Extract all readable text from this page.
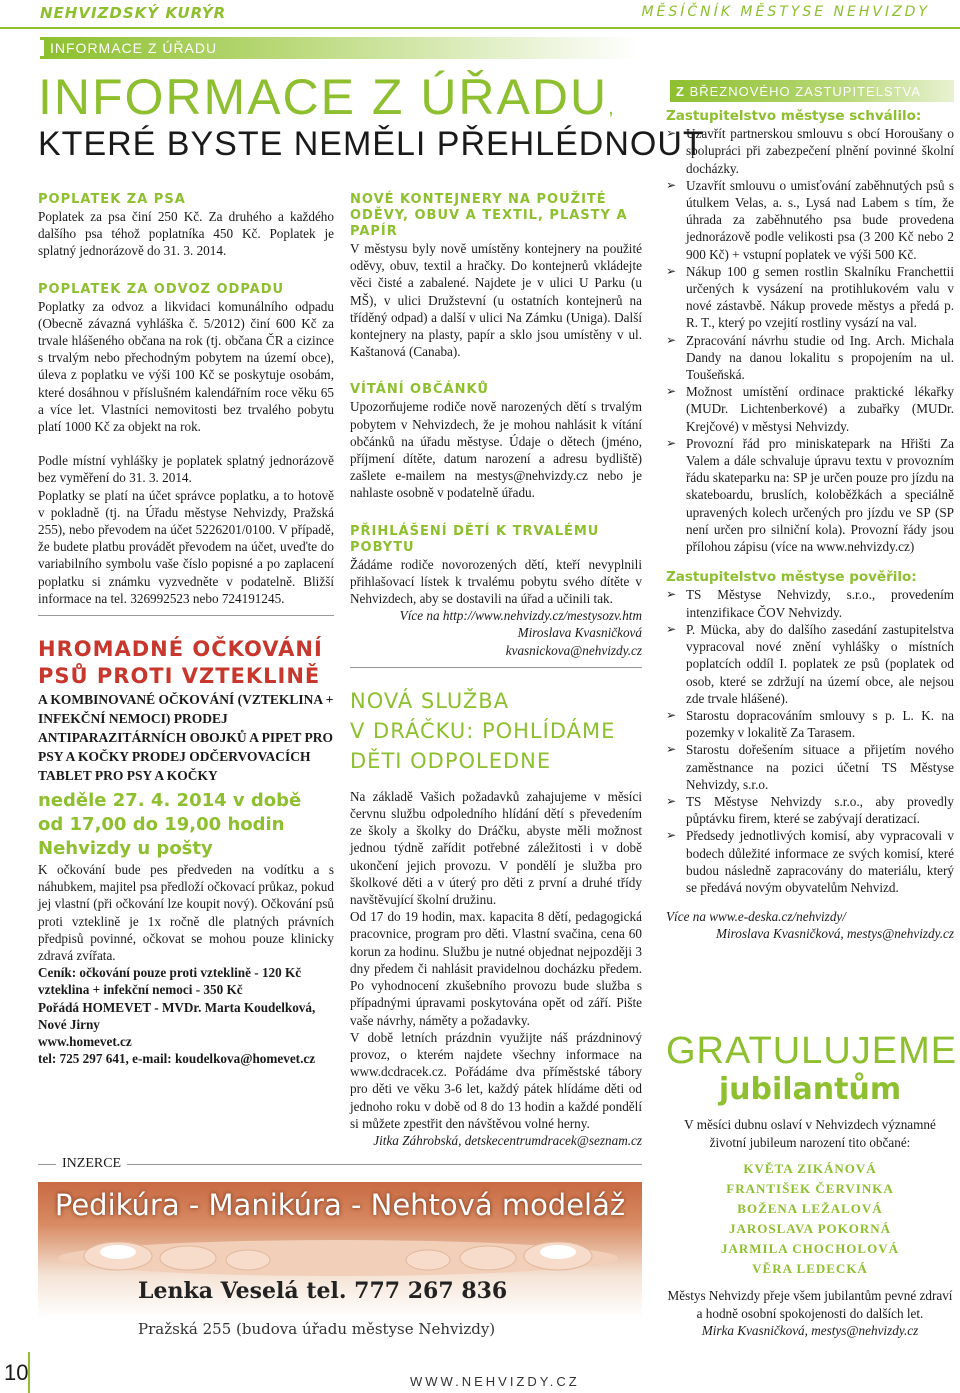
NEHVIZDSKÝ KURÝR	MĚSÍČNÍK MĚSTYSE NEHVIZDY
INFORMACE Z ÚŘADU
INFORMACE Z ÚŘADU,
KTERÉ BYSTE NEMĚLI PŘEHLÉDNOUT
POPLATEK ZA PSA

Poplatek za psa činí 250 Kč. Za druhého a každého dalšího psa téhož poplatníka 450 Kč. Poplatek je splatný jednorázově do 31. 3. 2014.

POPLATEK ZA ODVOZ ODPADU

Poplatky za odvoz a likvidaci komunálního odpadu (Obecně závazná vyhláška č. 5/2012) činí 600 Kč za trvale hlášeného občana na rok (tj. občana ČR a cizince s trvalým nebo přechodným pobytem na území obce), úleva z poplatku ve výši 100 Kč se poskytuje osobám, které dosáhnou v příslušném kalendářním roce věku 65 a více let. Vlastníci nemovitosti bez trvalého pobytu platí 1000 Kč za objekt na rok.

Podle místní vyhlášky je poplatek splatný jednorázově bez vyměření do 31. 3. 2014.

Poplatky se platí na účet správce poplatku, a to hotově v pokladně (tj. na Úřadu městyse Nehvizdy, Pražská 255), nebo převodem na účet 5226201/0100. V případě, že budete platbu provádět převodem na účet, uveďte do variabilního symbolu vaše číslo popisné a po zaplacení poplatku si známku vyzvedněte v podatelně. Bližší informace na tel. 326992523 nebo 724191245.

HROMADNÉ OČKOVÁNÍ
PSŮ PROTI VZTEKLINĚ
A KOMBINOVANÉ OČKOVÁNÍ (VZTEKLINA + INFEKČNÍ NEMOCI) PRODEJ ANTIPARAZITÁRNÍCH OBOJKŮ A PIPET PRO PSY A KOČKY PRODEJ ODČERVOVACÍCH TABLET PRO PSY A KOČKY
neděle 27. 4. 2014 v době
od 17,00 do 19,00 hodin
Nehvizdy u pošty

K očkování bude pes předveden na vodítku a s náhubkem, majitel psa předloží očkovací průkaz, pokud jej vlastní (při očkování lze koupit nový). Očkování psů proti vzteklině je 1x ročně dle platných právních předpisů povinné, očkovat se mohou pouze klinicky zdravá zvířata.

Ceník: očkování pouze proti vzteklině - 120 Kč
vzteklina + infekční nemoci - 350 Kč
Pořádá HOMEVET - MVDr. Marta Koudelková, Nové Jirny
www.homevet.cz
tel: 725 297 641, e-mail: koudelkova@homevet.cz
NOVÉ KONTEJNERY NA POUŽITÉ ODĚVY, OBUV A TEXTIL, PLASTY A PAPÍR

V městysu byly nově umístěny kontejnery na použité oděvy, obuv, textil a hračky. Do kontejnerů vkládejte věci čisté a zabalené. Najdete je v ulici U Parku (u MŠ), v ulici Družstevní (u ostatních kontejnerů na tříděný odpad) a další v ulici Na Zámku (Uniga). Další kontejnery na plasty, papír a sklo jsou umístěny v ul. Kaštanová (Canaba).

VÍTÁNÍ OBČÁNKŮ

Upozorňujeme rodiče nově narozených dětí s trvalým pobytem v Nehvizdech, že je mohou nahlásit k vítání občánků na úřadu městyse. Údaje o dětech (jméno, příjmení dítěte, datum narození a adresu bydliště) zašlete e-mailem na mestys@nehvizdy.cz nebo je nahlaste osobně v podatelně úřadu.

PŘIHLÁŠENÍ DĚTÍ K TRVALÉMU POBYTU

Žádáme rodiče novorozených dětí, kteří nevyplnili přihlašovací lístek k trvalému pobytu svého dítěte v Nehvizdech, aby se dostavili na úřad a učinili tak.

Více na http://www.nehvizdy.cz/mestysozv.htm
Miroslava Kvasničková
kvasnickova@nehvizdy.cz
NOVÁ SLUŽBA
V DRÁČKU: POHLÍDÁME
DĚTI ODPOLEDNE

Na základě Vašich požadavků zahajujeme v měsíci červnu službu odpoledního hlídání dětí s převedením ze školy a školky do Dráčku, abyste měli možnost jednou týdně zařídit potřebné záležitosti i v době ukončení jejich provozu. V pondělí je služba pro školkové děti a v úterý pro děti z první a druhé třídy navštěvující školní družinu.

Od 17 do 19 hodin, max. kapacita 8 dětí, pedagogická pracovnice, program pro děti. Vlastní svačina, cena 60 korun za hodinu. Službu je nutné objednat nejpozději 3 dny předem či nahlásit pravidelnou docházku předem. Po vyhodnocení zkušebního provozu bude služba s případnými úpravami poskytována opět od září. Pište vaše návrhy, náměty a požadavky.

V době letních prázdnin využijte náš prázdninový provoz, o kterém najdete všechny informace na www.dcdracek.cz. Pořádáme dva příměstské tábory pro děti ve věku 3-6 let, každý pátek hlídáme děti od jednoho roku v době od 8 do 13 hodin a každé pondělí si můžete zpestřit den návštěvou volné herny.

Jitka Záhrobská, detskecentrumdracek@seznam.cz
Z BŘEZNOVÉHO ZASTUPITELSTVA
Zastupitelstvo městyse schválilo:
➢ Uzavřít partnerskou smlouvu s obcí Horoušany o spolupráci při zabezpečení plnění povinné školní docházky.
➢ Uzavřít smlouvu o umisťování zaběhnutých psů s útulkem Velas, a. s., Lysá nad Labem s tím, že úhrada za zaběhnutého psa bude provedena jednorázově podle velikosti psa (3 200 Kč nebo 2 900 Kč) + vstupní poplatek ve výši 500 Kč.
➢ Nákup 100 g semen rostlin Skalníku Franchettii určených k vysázení na protihlukovém valu v nové zástavbě. Nákup provede městys a předá p. R. T., který po vzejití rostliny vysází na val.
➢ Zpracování návrhu studie od Ing. Arch. Michala Dandy na danou lokalitu s propojením na ul. Toušeňská.
➢ Možnost umístění ordinace praktické lékařky (MUDr. Lichtenberkové) a zubařky (MUDr. Krejčové) v městysi Nehvizdy.
➢ Provozní řád pro miniskatepark na Hřišti Za Valem a dále schvaluje úpravu textu v provozním řádu skateparku na: SP je určen pouze pro jízdu na skateboardu, bruslích, koloběžkách a speciálně upravených kolech určených pro jízdu ve SP (SP není určen pro silniční kola). Provozní řády jsou přílohou zápisu (více na www.nehvizdy.cz)
Zastupitelstvo městyse pověřilo:
➢ TS Městyse Nehvizdy, s.r.o., provedením intenzifikace ČOV Nehvizdy.
➢ P. Mücka, aby do dalšího zasedání zastupitelstva vypracoval nové znění vyhlášky o místních poplatcích oddíl I. poplatek ze psů (poplatek od osob, které se zdržují na území obce, ale nejsou zde trvale hlášené).
➢ Starostu dopracováním smlouvy s p. L. K. na pozemky v lokalitě Za Tarasem.
➢ Starostu dořešením situace a přijetím nového zaměstnance na pozici účetní TS Městyse Nehvizdy, s.r.o.
➢ TS Městyse Nehvizdy s.r.o., aby provedly půptávku firem, které se zabývají deratizací.
➢ Předsedy jednotlivých komisí, aby vypracovali v bodech důležité informace ze svých komisí, které budou následně zapracovány do materiálu, který se předává novým obyvatelům Nehvizd.
Více na www.e-deska.cz/nehvizdy/
Miroslava Kvasničková, mestys@nehvizdy.cz
GRATULUJEME
jubilantům

V měsíci dubnu oslaví v Nehvizdech významné životní jubileum narození tito občané:

KVĚTA ZIKÁNOVÁ
FRANTIŠEK ČERVINKA
BOŽENA LEŽALOVÁ
JAROSLAVA POKORNÁ
JARMILA CHOCHOLOVÁ
VĚRA LEDECKÁ

Městys Nehvizdy přeje všem jubilantům pevné zdraví a hodně osobní spokojenosti do dalších let.

Mirka Kvasničková, mestys@nehvizdy.cz

INZERCE
Pedikúra - Manikúra - Nehtová modeláž
Lenka Veselá tel. 777 267 836
Pražská 255 (budova úřadu městyse Nehvizdy)
10	WWW.NEHVIZDY.CZ
